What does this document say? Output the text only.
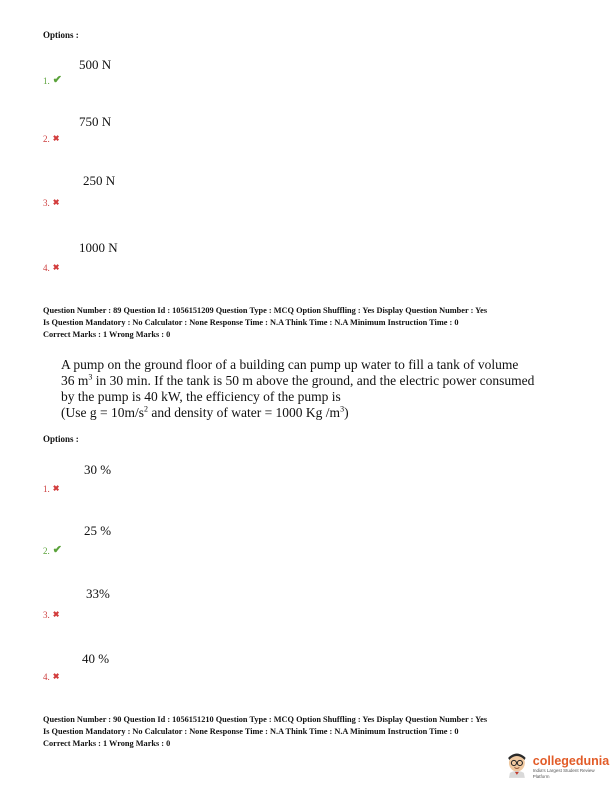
Options :
500 N
1. ✔
750 N
2. ✖
250 N
3. ✖
1000 N
4. ✖
Question Number : 89 Question Id : 1056151209 Question Type : MCQ Option Shuffling : Yes Display Question Number : Yes
Is Question Mandatory : No Calculator : None Response Time : N.A Think Time : N.A Minimum Instruction Time : 0
Correct Marks : 1 Wrong Marks : 0
A pump on the ground floor of a building can pump up water to fill a tank of volume
36 $m^3$ in 30 min. If the tank is 50 m above the ground, and the electric power consumed
by the pump is 40 kW, the efficiency of the pump is
(Use $g = 10m/s^2$ and density of water = 1000 Kg $/m^3$)
Options :
30 %
1. ✖
25 %
2. ✔
33%
3. ✖
40 %
4. ✖
Question Number : 90 Question Id : 1056151210 Question Type : MCQ Option Shuffling : Yes Display Question Number : Yes
Is Question Mandatory : No Calculator : None Response Time : N.A Think Time : N.A Minimum Instruction Time : 0
Correct Marks : 1 Wrong Marks : 0
collegedunia
India's Largest Student Review Platform
